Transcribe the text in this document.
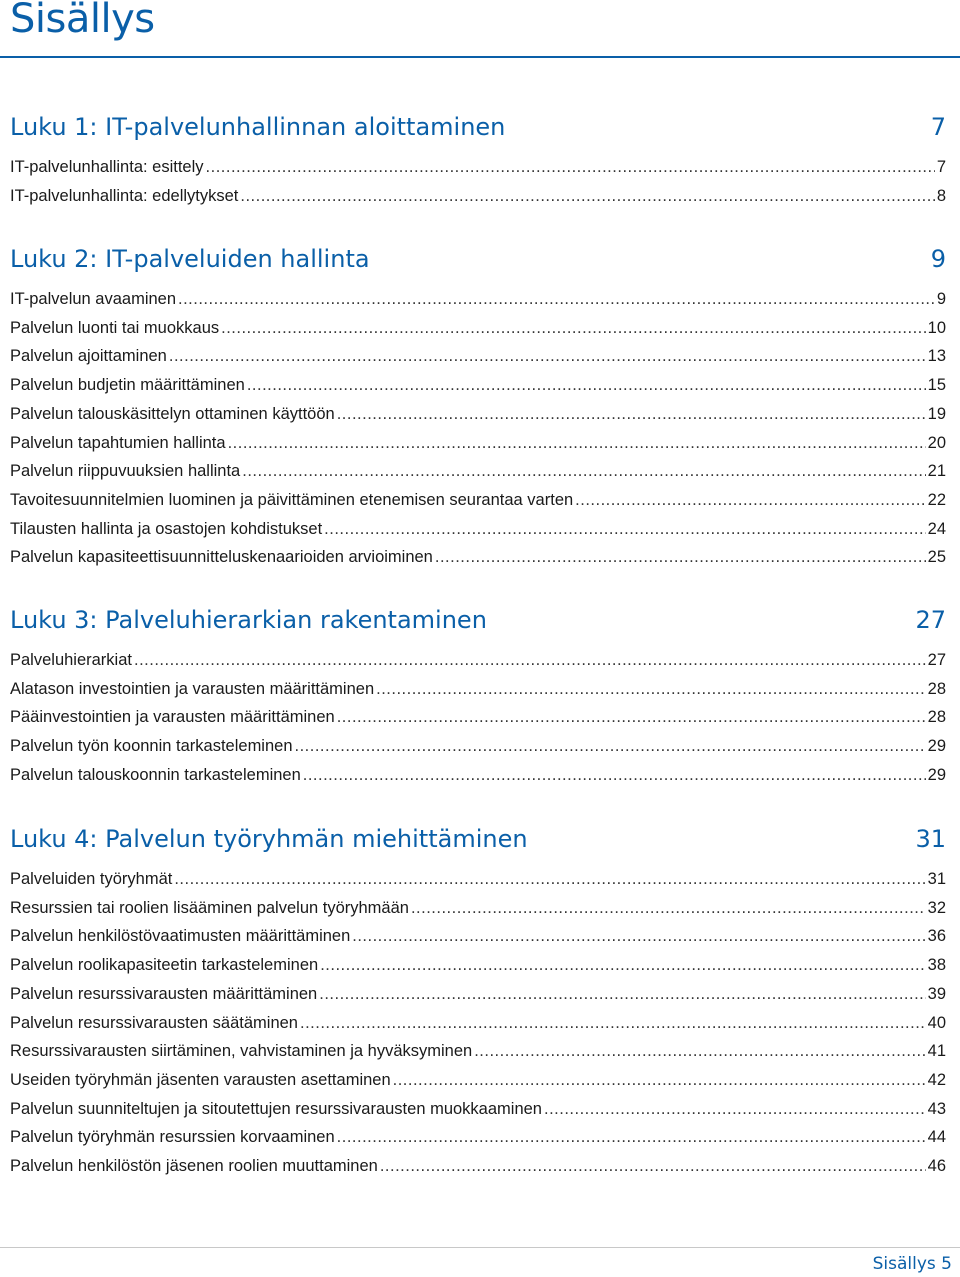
Sisällys
Luku 1: IT-palvelunhallinnan aloittaminen	7
IT-palvelunhallinta: esittely .....	7
IT-palvelunhallinta: edellytykset .....	8
Luku 2: IT-palveluiden hallinta	9
IT-palvelun avaaminen .....	9
Palvelun luonti tai muokkaus .....	10
Palvelun ajoittaminen .....	13
Palvelun budjetin määrittäminen .....	15
Palvelun talouskäsittelyn ottaminen käyttöön .....	19
Palvelun tapahtumien hallinta .....	20
Palvelun riippuvuuksien hallinta .....	21
Tavoitesuunnitelmien luominen ja päivittäminen etenemisen seurantaa varten .....	22
Tilausten hallinta ja osastojen kohdistukset .....	24
Palvelun kapasiteettisuunnitteluskenaarioiden arvioiminen .....	25
Luku 3: Palveluhierarkian rakentaminen	27
Palveluhierarkiat .....	27
Alatason investointien ja varausten määrittäminen .....	28
Pääinvestointien ja varausten määrittäminen .....	28
Palvelun työn koonnin tarkasteleminen .....	29
Palvelun talouskoonnin tarkasteleminen .....	29
Luku 4: Palvelun työryhmän miehittäminen	31
Palveluiden työryhmät .....	31
Resurssien tai roolien lisääminen palvelun työryhmään .....	32
Palvelun henkilöstövaatimusten määrittäminen .....	36
Palvelun roolikapasiteetin tarkasteleminen .....	38
Palvelun resurssivarausten määrittäminen .....	39
Palvelun resurssivarausten säätäminen .....	40
Resurssivarausten siirtäminen, vahvistaminen ja hyväksyminen .....	41
Useiden työryhmän jäsenten varausten asettaminen .....	42
Palvelun suunniteltujen ja sitoutettujen resurssivarausten muokkaaminen .....	43
Palvelun työryhmän resurssien korvaaminen .....	44
Palvelun henkilöstön jäsenen roolien muuttaminen .....	46
Sisällys 5
